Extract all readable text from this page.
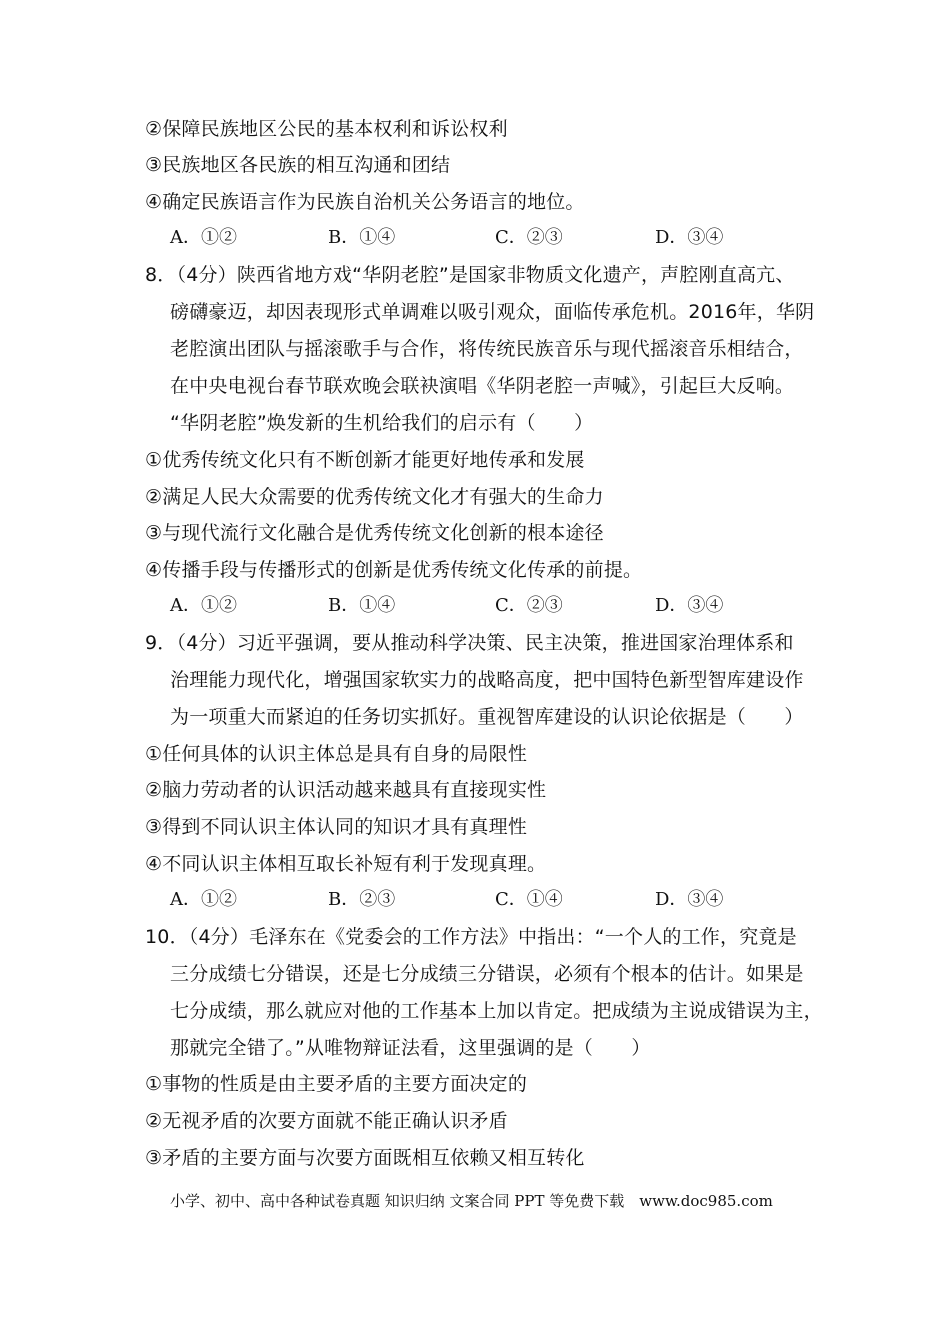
②保障民族地区公民的基本权利和诉讼权利
③民族地区各民族的相互沟通和团结
④确定民族语言作为民族自治机关公务语言的地位。
A．①②	B．①④	C．②③	D．③④
8．（4分）陕西省地方戏“华阴老腔”是国家非物质文化遗产，声腔刚直高亢、
磅礴豪迈，却因表现形式单调难以吸引观众，面临传承危机。2016年，华阴
老腔演出团队与摇滚歌手与合作，将传统民族音乐与现代摇滚音乐相结合，
在中央电视台春节联欢晚会联袂演唱《华阴老腔一声喊》，引起巨大反响。
“华阴老腔”焕发新的生机给我们的启示有（　　）
①优秀传统文化只有不断创新才能更好地传承和发展
②满足人民大众需要的优秀传统文化才有强大的生命力
③与现代流行文化融合是优秀传统文化创新的根本途径
④传播手段与传播形式的创新是优秀传统文化传承的前提。
A．①②	B．①④	C．②③	D．③④
9．（4分）习近平强调，要从推动科学决策、民主决策，推进国家治理体系和
治理能力现代化，增强国家软实力的战略高度，把中国特色新型智库建设作
为一项重大而紧迫的任务切实抓好。重视智库建设的认识论依据是（　　）
①任何具体的认识主体总是具有自身的局限性
②脑力劳动者的认识活动越来越具有直接现实性
③得到不同认识主体认同的知识才具有真理性
④不同认识主体相互取长补短有利于发现真理。
A．①②	B．②③	C．①④	D．③④
10．（4分）毛泽东在《党委会的工作方法》中指出：“一个人的工作，究竟是
三分成绩七分错误，还是七分成绩三分错误，必须有个根本的估计。如果是
七分成绩，那么就应对他的工作基本上加以肯定。把成绩为主说成错误为主，
那就完全错了。”从唯物辩证法看，这里强调的是（　　）
①事物的性质是由主要矛盾的主要方面决定的
②无视矛盾的次要方面就不能正确认识矛盾
③矛盾的主要方面与次要方面既相互依赖又相互转化
小学、初中、高中各种试卷真题 知识归纳 文案合同 PPT 等免费下载　www.doc985.com
